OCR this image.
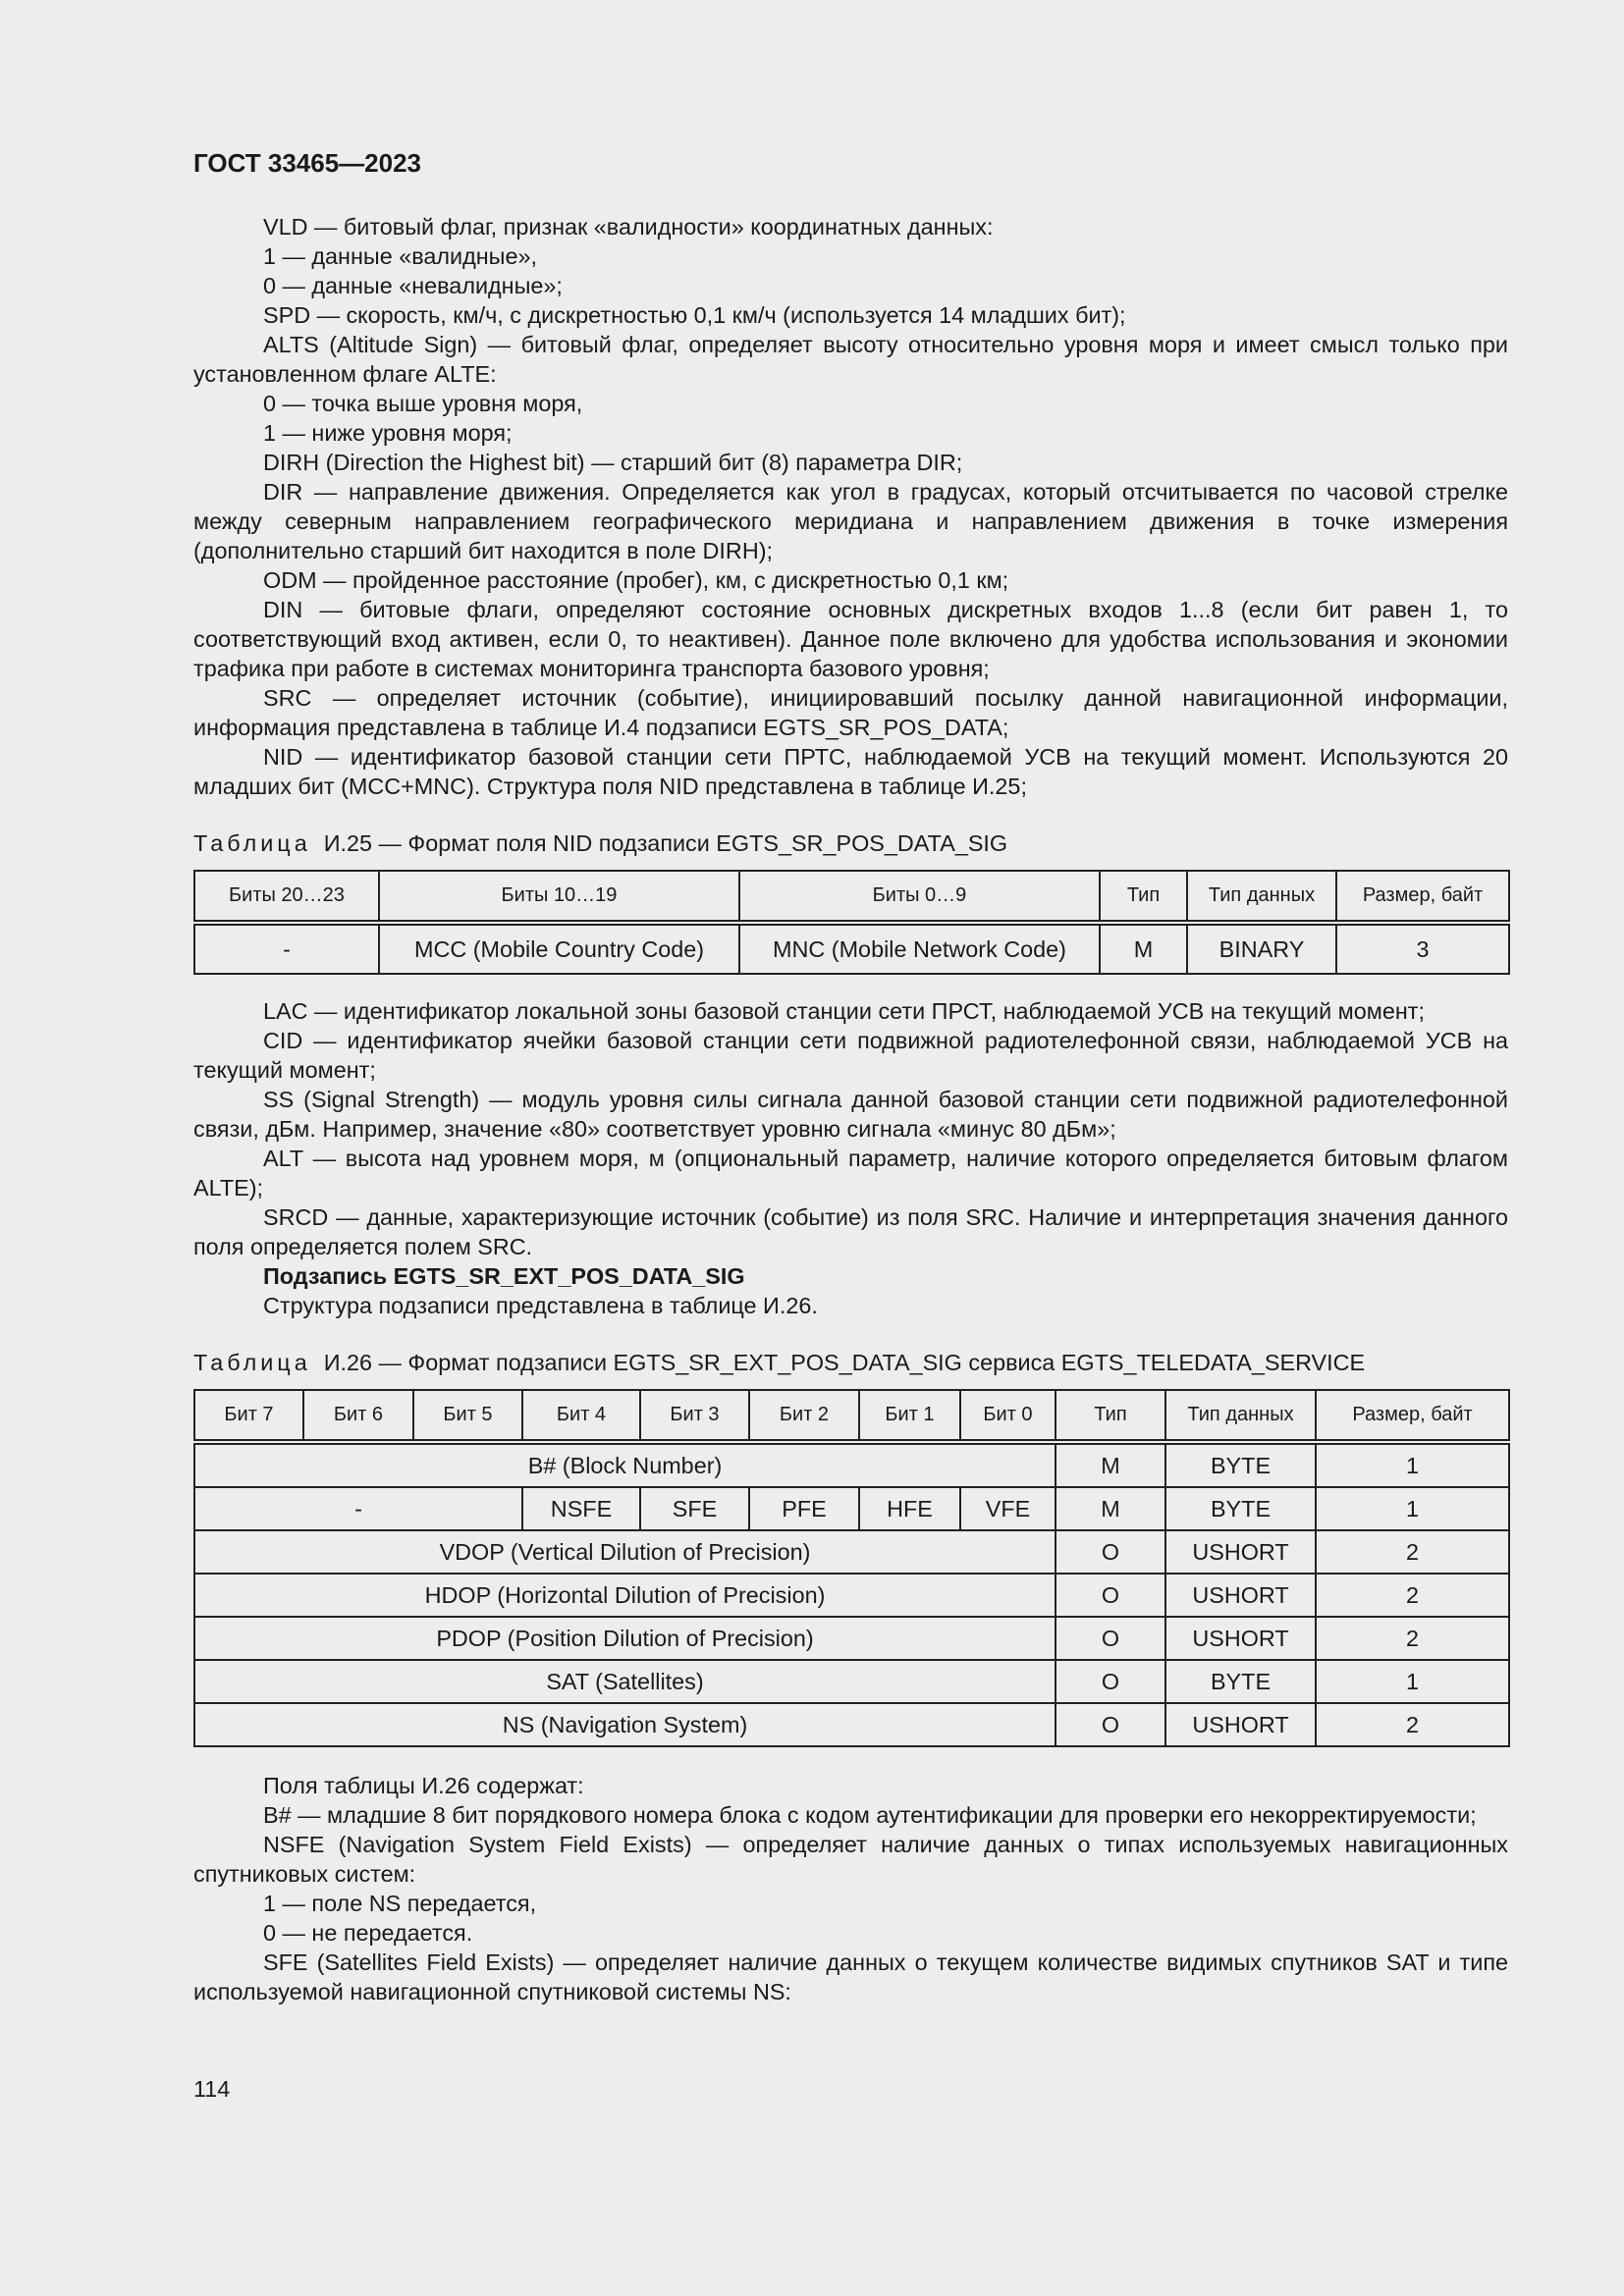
ГОСТ 33465—2023

VLD — битовый флаг, признак «валидности» координатных данных:

1 — данные «валидные»,

0 — данные «невалидные»;

SPD — скорость, км/ч, с дискретностью 0,1 км/ч (используется 14 младших бит);

ALTS (Altitude Sign) — битовый флаг, определяет высоту относительно уровня моря и имеет смысл только при установленном флаге ALTE:

0 — точка выше уровня моря,

1 — ниже уровня моря;

DIRH (Direction the Highest bit) — старший бит (8) параметра DIR;

DIR — направление движения. Определяется как угол в градусах, который отсчитывается по часовой стрелке между северным направлением географического меридиана и направлением движения в точке измерения (дополнительно старший бит находится в поле DIRH);

ODM — пройденное расстояние (пробег), км, с дискретностью 0,1 км;

DIN — битовые флаги, определяют состояние основных дискретных входов 1...8 (если бит равен 1, то соответствующий вход активен, если 0, то неактивен). Данное поле включено для удобства использования и экономии трафика при работе в системах мониторинга транспорта базового уровня;

SRC — определяет источник (событие), инициировавший посылку данной навигационной информации, информация представлена в таблице И.4 подзаписи EGTS_SR_POS_DATA;

NID — идентификатор базовой станции сети ПРТС, наблюдаемой УСВ на текущий момент. Используются 20 младших бит (MCC+MNC). Структура поля NID представлена в таблице И.25;

Таблица И.25 — Формат поля NID подзаписи EGTS_SR_POS_DATA_SIG
Биты 20…23	Биты 10…19	Биты 0…9	Тип	Тип данных	Размер, байт
-	MCC (Mobile Country Code)	MNC (Mobile Network Code)	M	BINARY	3

LAC — идентификатор локальной зоны базовой станции сети ПРСТ, наблюдаемой УСВ на текущий момент;

CID — идентификатор ячейки базовой станции сети подвижной радиотелефонной связи, наблюдаемой УСВ на текущий момент;

SS (Signal Strength) — модуль уровня силы сигнала данной базовой станции сети подвижной радиотелефонной связи, дБм. Например, значение «80» соответствует уровню сигнала «минус 80 дБм»;

ALT — высота над уровнем моря, м (опциональный параметр, наличие которого определяется битовым флагом ALTE);

SRCD — данные, характеризующие источник (событие) из поля SRC. Наличие и интерпретация значения данного поля определяется полем SRC.

Подзапись EGTS_SR_EXT_POS_DATA_SIG

Структура подзаписи представлена в таблице И.26.

Таблица И.26 — Формат подзаписи EGTS_SR_EXT_POS_DATA_SIG сервиса EGTS_TELEDATA_SERVICE
Бит 7	Бит 6	Бит 5	Бит 4	Бит 3	Бит 2	Бит 1	Бит 0	Тип	Тип данных	Размер, байт
B# (Block Number)								M	BYTE	1
-			NSFE	SFE	PFE	HFE	VFE	M	BYTE	1
VDOP (Vertical Dilution of Precision)								O	USHORT	2
HDOP (Horizontal Dilution of Precision)								O	USHORT	2
PDOP (Position Dilution of Precision)								O	USHORT	2
SAT (Satellites)								O	BYTE	1
NS (Navigation System)								O	USHORT	2

Поля таблицы И.26 содержат:

B# — младшие 8 бит порядкового номера блока с кодом аутентификации для проверки его некорректируемости;

NSFE (Navigation System Field Exists) — определяет наличие данных о типах используемых навигационных спутниковых систем:

1 — поле NS передается,

0 — не передается.

SFE (Satellites Field Exists) — определяет наличие данных о текущем количестве видимых спутников SAT и типе используемой навигационной спутниковой системы NS:

114
